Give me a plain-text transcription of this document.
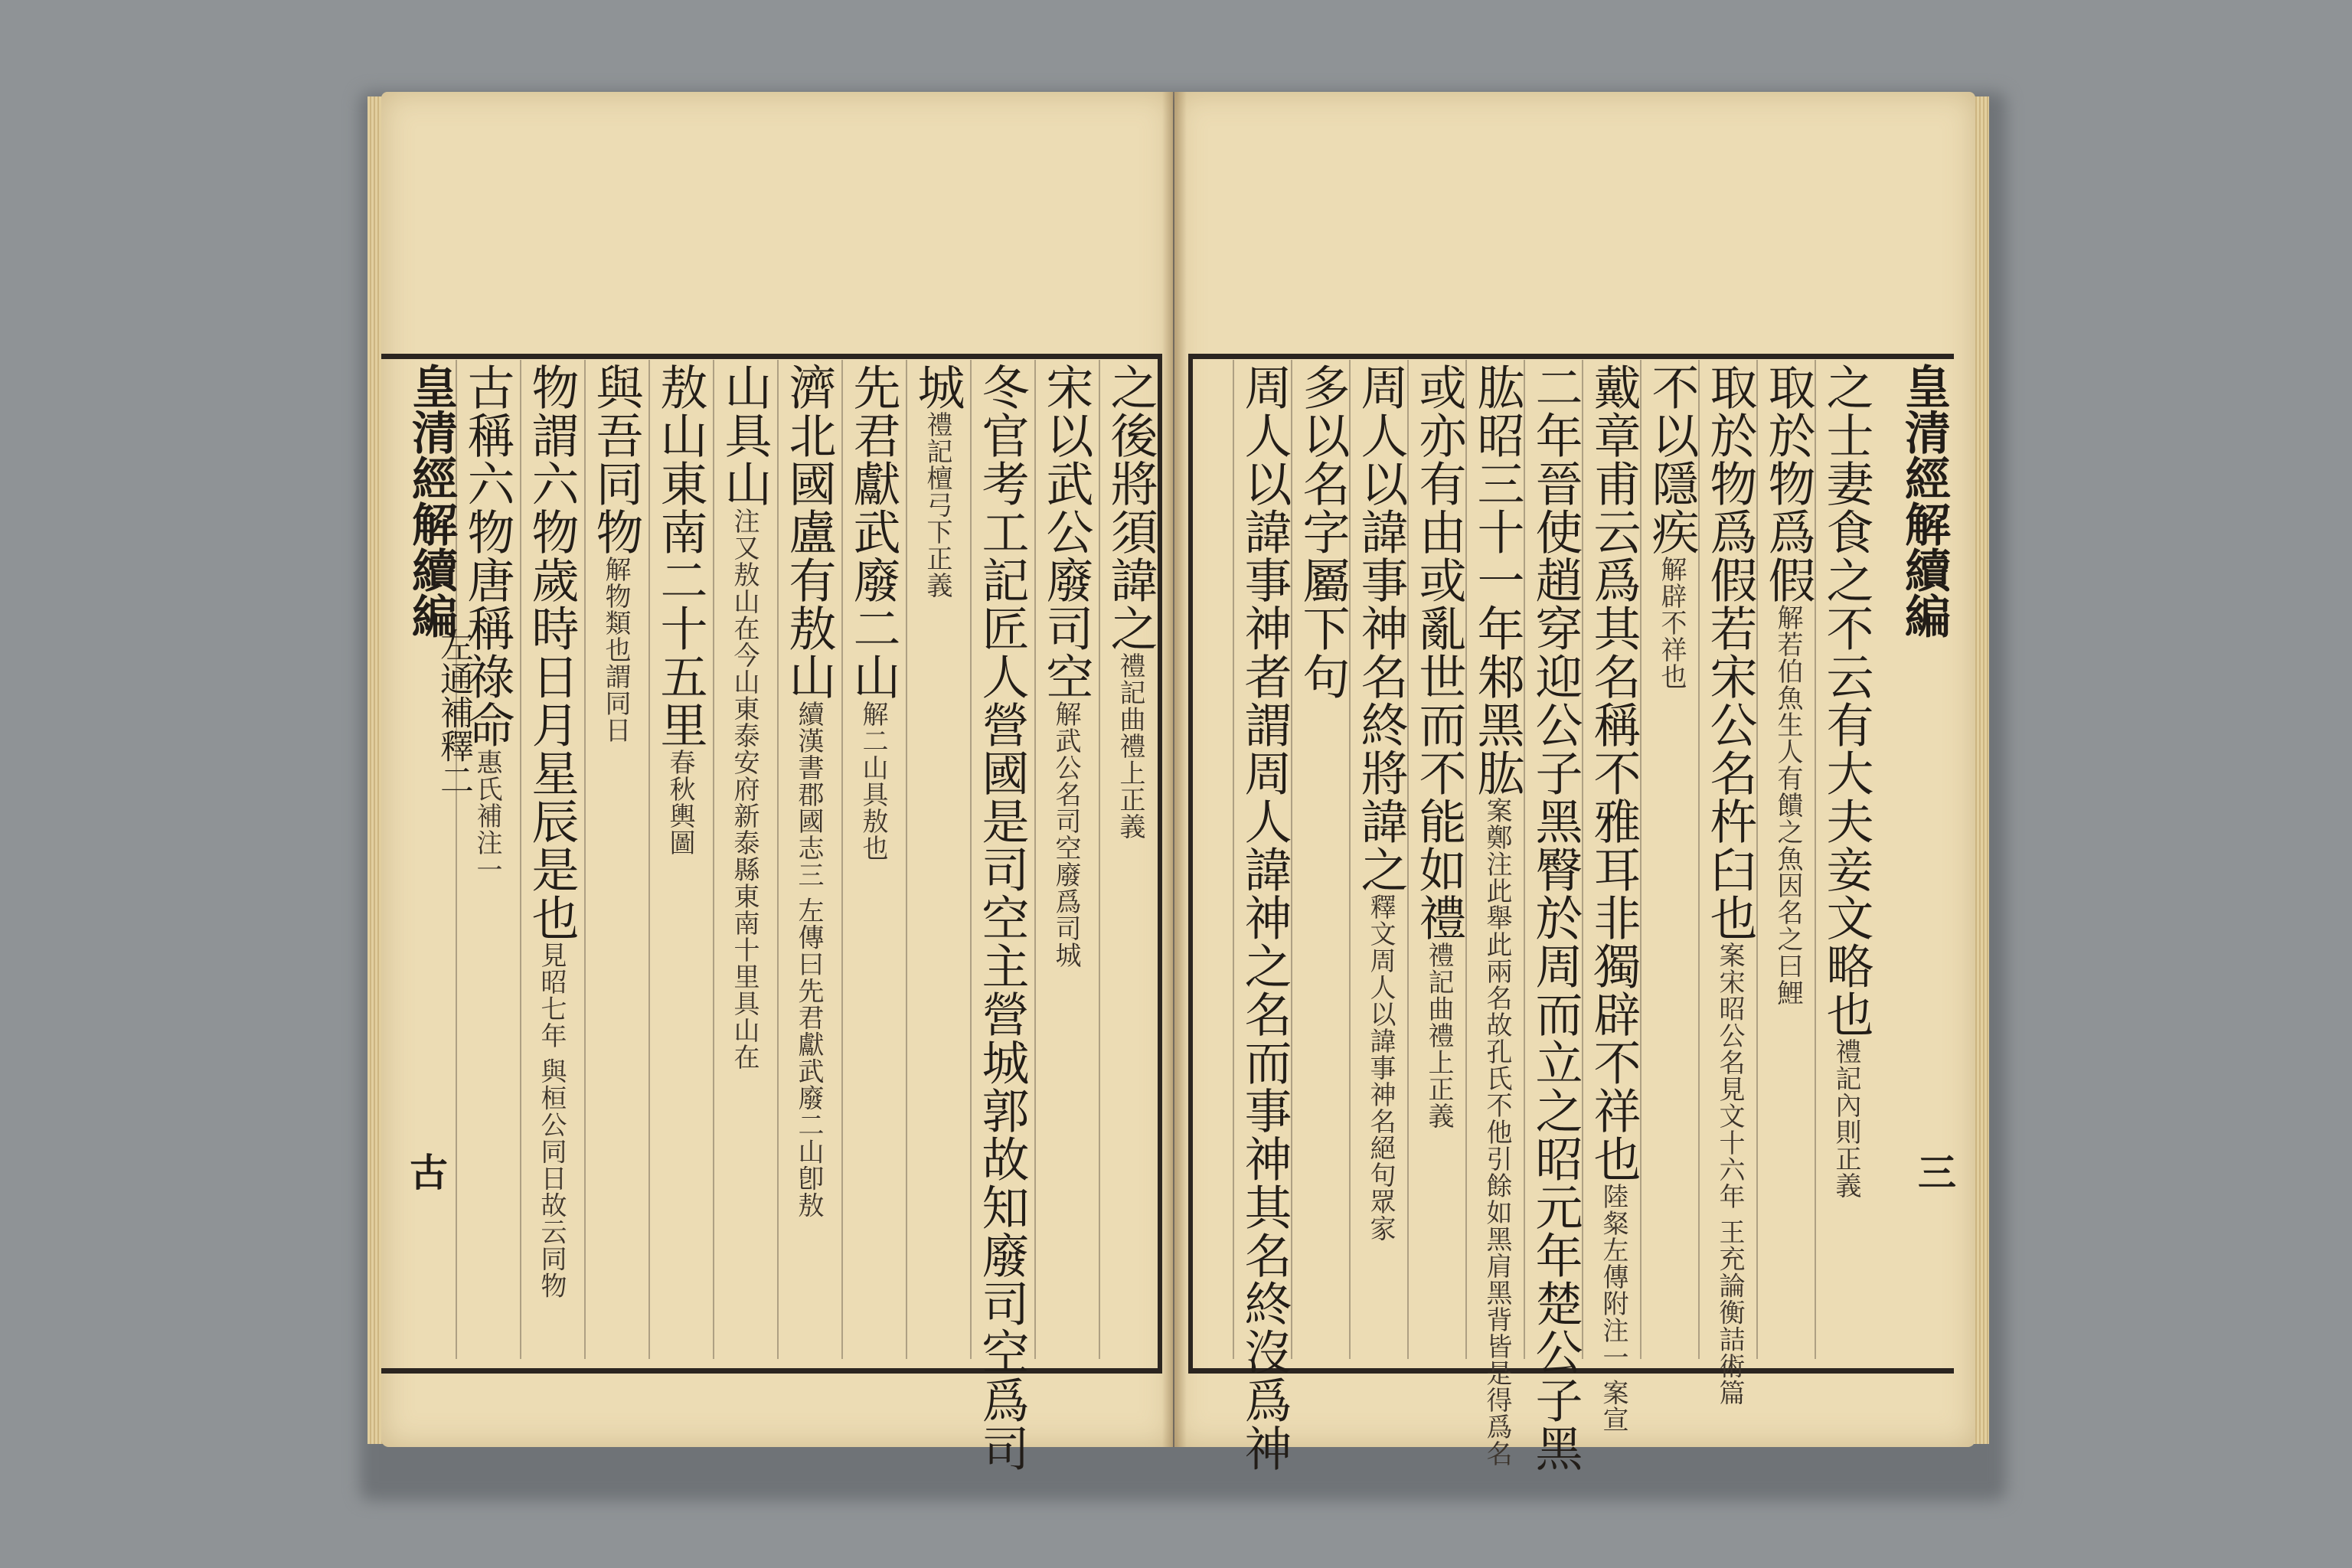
皇清經解續編
左通補釋二
古
之後將須諱之禮記曲禮上正義
宋以武公廢司空解武公名司空廢爲司城
冬官考工記匠人營國是司空主營城郭故知廢司空爲司
城禮記檀弓下正義
先君獻武廢二山解二山具敖也
濟北國盧有敖山續漢書郡國志三 左傳曰先君獻武廢二山卽敖
山具山注又敖山在今山東泰安府新泰縣東南十里具山在
敖山東南二十五里春秋輿圖
與吾同物解物類也謂同日
物謂六物歲時日月星辰是也見昭七年 與桓公同日故云同物
古稱六物唐稱祿命惠氏補注一	之士妻食之不云有大夫妾文略也禮記內則正義
取於物爲假解若伯魚生人有饋之魚因名之曰鯉
取於物爲假若宋公名杵臼也案宋昭公名見文十六年 王充論衡詰術篇
不以隱疾解辟不祥也
戴章甫云爲其名稱不雅耳非獨辟不祥也陸粲左傳附注一 案宣
二年晉使趙穿迎公子黑臀於周而立之昭元年楚公子黑
肱昭三十一年邾黑肱案鄭注此舉此兩名故孔氏不他引餘如黑肩黑背皆是得爲名
或亦有由或亂世而不能如禮禮記曲禮上正義
周人以諱事神名終將諱之釋文周人以諱事神名絕句眾家
多以名字屬下句
周人以諱事神者謂周人諱神之名而事神其名終沒爲神	皇清經解續編
三
